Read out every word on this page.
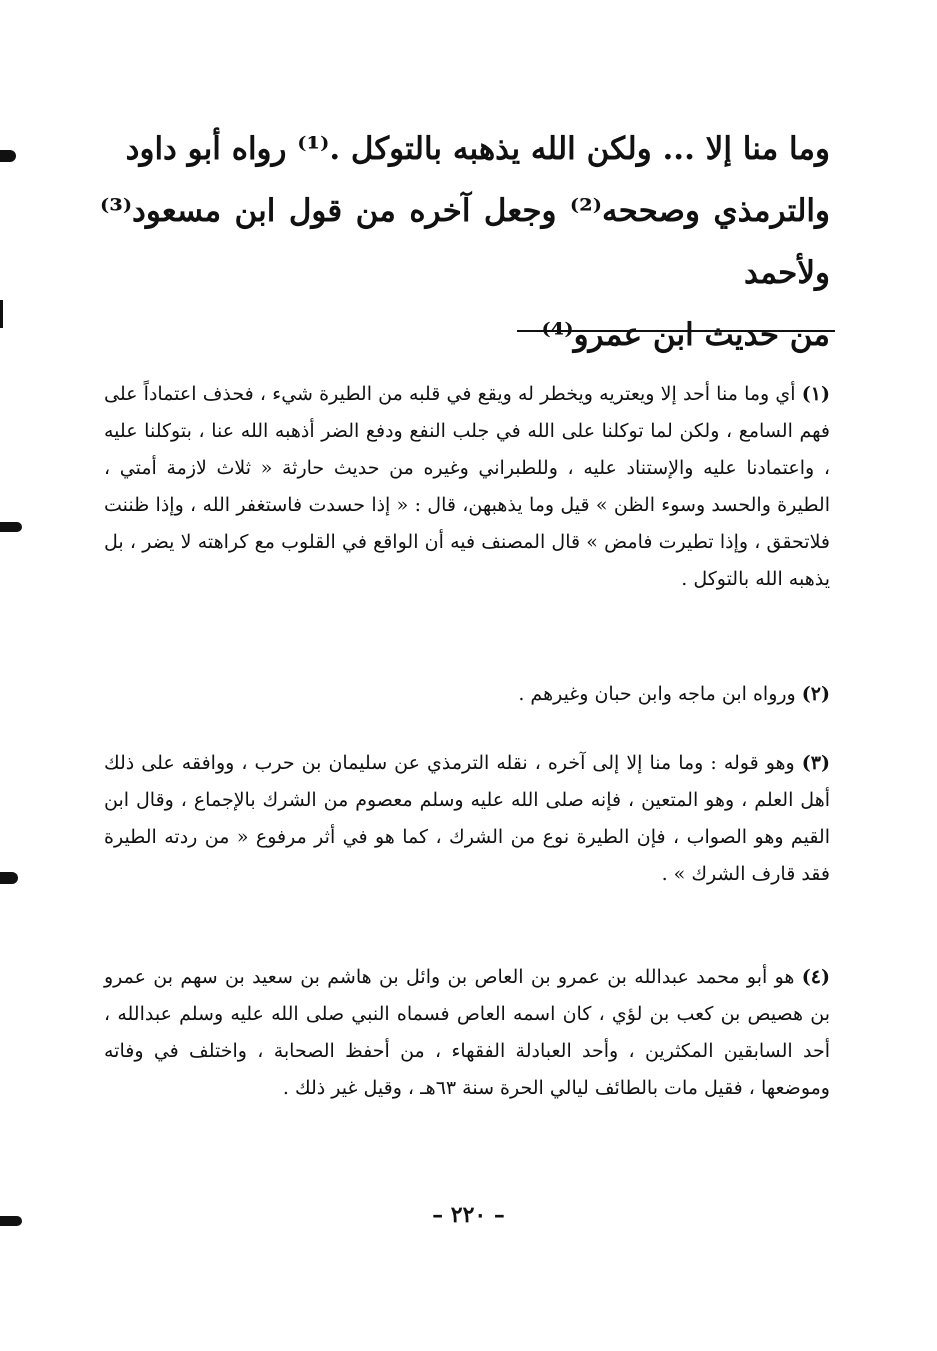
وما منا إلا ... ولكن الله يذهبه بالتوكل .⁽¹⁾ رواه أبو داود

والترمذي وصححه⁽²⁾ وجعل آخره من قول ابن مسعود⁽³⁾ ولأحمد

من حديث ابن عمرو⁽⁴⁾

(١) أي وما منا أحد إلا ويعتريه ويخطر له ويقع في قلبه من الطيرة شيء ، فحذف اعتماداً على فهم السامع ، ولكن لما توكلنا على الله في جلب النفع ودفع الضر أذهبه الله عنا ، بتوكلنا عليه ، واعتمادنا عليه والإستناد عليه ، وللطبراني وغيره من حديث حارثة « ثلاث لازمة أمتي ، الطيرة والحسد وسوء الظن » قيل وما يذهبهن، قال : « إذا حسدت فاستغفر الله ، وإذا ظننت فلاتحقق ، وإذا تطيرت فامض » قال المصنف فيه أن الواقع في القلوب مع كراهته لا يضر ، بل يذهبه الله بالتوكل .

(٢) ورواه ابن ماجه وابن حبان وغيرهم .

(٣) وهو قوله : وما منا إلا إلى آخره ، نقله الترمذي عن سليمان بن حرب ، ووافقه على ذلك أهل العلم ، وهو المتعين ، فإنه صلى الله عليه وسلم معصوم من الشرك بالإجماع ، وقال ابن القيم وهو الصواب ، فإن الطيرة نوع من الشرك ، كما هو في أثر مرفوع « من ردته الطيرة فقد قارف الشرك » .

(٤) هو أبو محمد عبدالله بن عمرو بن العاص بن وائل بن هاشم بن سعيد بن سهم بن عمرو بن هصيص بن كعب بن لؤي ، كان اسمه العاص فسماه النبي صلى الله عليه وسلم عبدالله ، أحد السابقين المكثرين ، وأحد العبادلة الفقهاء ، من أحفظ الصحابة ، واختلف في وفاته وموضعها ، فقيل مات بالطائف ليالي الحرة سنة ٦٣هـ ، وقيل غير ذلك .

– ٢٢٠ –
